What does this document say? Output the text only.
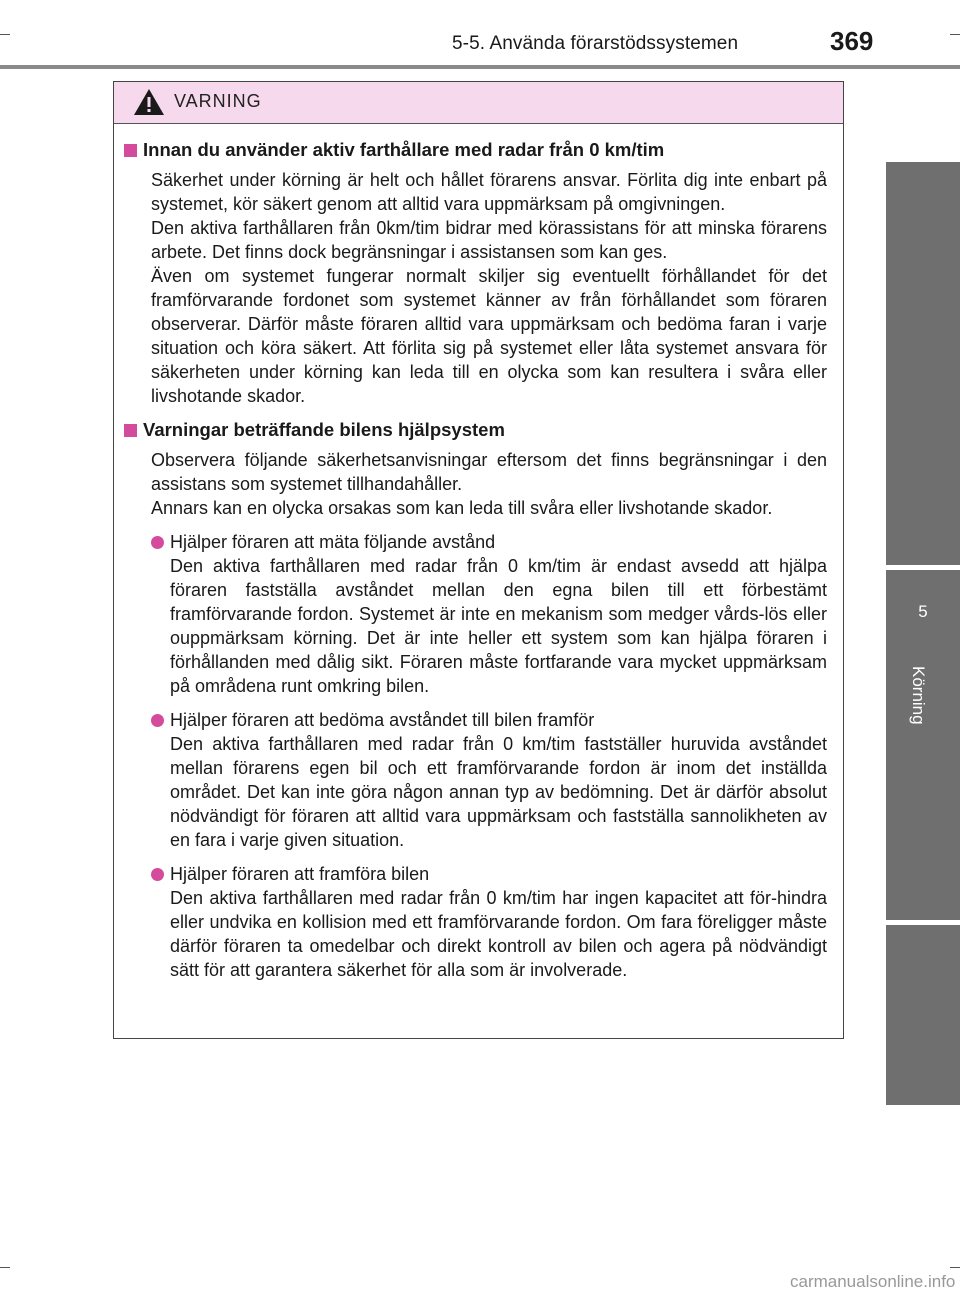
5-5. Använda förarstödssystemen	369
5
Körning
VARNING
Innan du använder aktiv farthållare med radar från 0 km/tim

Säkerhet under körning är helt och hållet förarens ansvar. Förlita dig inte enbart på systemet, kör säkert genom att alltid vara uppmärksam på omgivningen.

Den aktiva farthållaren från 0km/tim bidrar med körassistans för att minska förarens arbete. Det finns dock begränsningar i assistansen som kan ges.

Även om systemet fungerar normalt skiljer sig eventuellt förhållandet för det framförvarande fordonet som systemet känner av från förhållandet som föraren observerar. Därför måste föraren alltid vara uppmärksam och bedöma faran i varje situation och köra säkert. Att förlita sig på systemet eller låta systemet ansvara för säkerheten under körning kan leda till en olycka som kan resultera i svåra eller livshotande skador.

Varningar beträffande bilens hjälpsystem

Observera följande säkerhetsanvisningar eftersom det finns begränsningar i den assistans som systemet tillhandahåller.

Annars kan en olycka orsakas som kan leda till svåra eller livshotande skador.

Hjälper föraren att mäta följande avstånd
Den aktiva farthållaren med radar från 0 km/tim är endast avsedd att hjälpa föraren fastställa avståndet mellan den egna bilen till ett förbestämt framförvarande fordon. Systemet är inte en mekanism som medger vårds-lös eller ouppmärksam körning. Det är inte heller ett system som kan hjälpa föraren i förhållanden med dålig sikt. Föraren måste fortfarande vara mycket uppmärksam på områdena runt omkring bilen.
Hjälper föraren att bedöma avståndet till bilen framför
Den aktiva farthållaren med radar från 0 km/tim fastställer huruvida avståndet mellan förarens egen bil och ett framförvarande fordon är inom det inställda området. Det kan inte göra någon annan typ av bedömning. Det är därför absolut nödvändigt för föraren att alltid vara uppmärksam och fastställa sannolikheten av en fara i varje given situation.
Hjälper föraren att framföra bilen
Den aktiva farthållaren med radar från 0 km/tim har ingen kapacitet att för-hindra eller undvika en kollision med ett framförvarande fordon. Om fara föreligger måste därför föraren ta omedelbar och direkt kontroll av bilen och agera på nödvändigt sätt för att garantera säkerhet för alla som är involverade.
carmanualsonline.info
